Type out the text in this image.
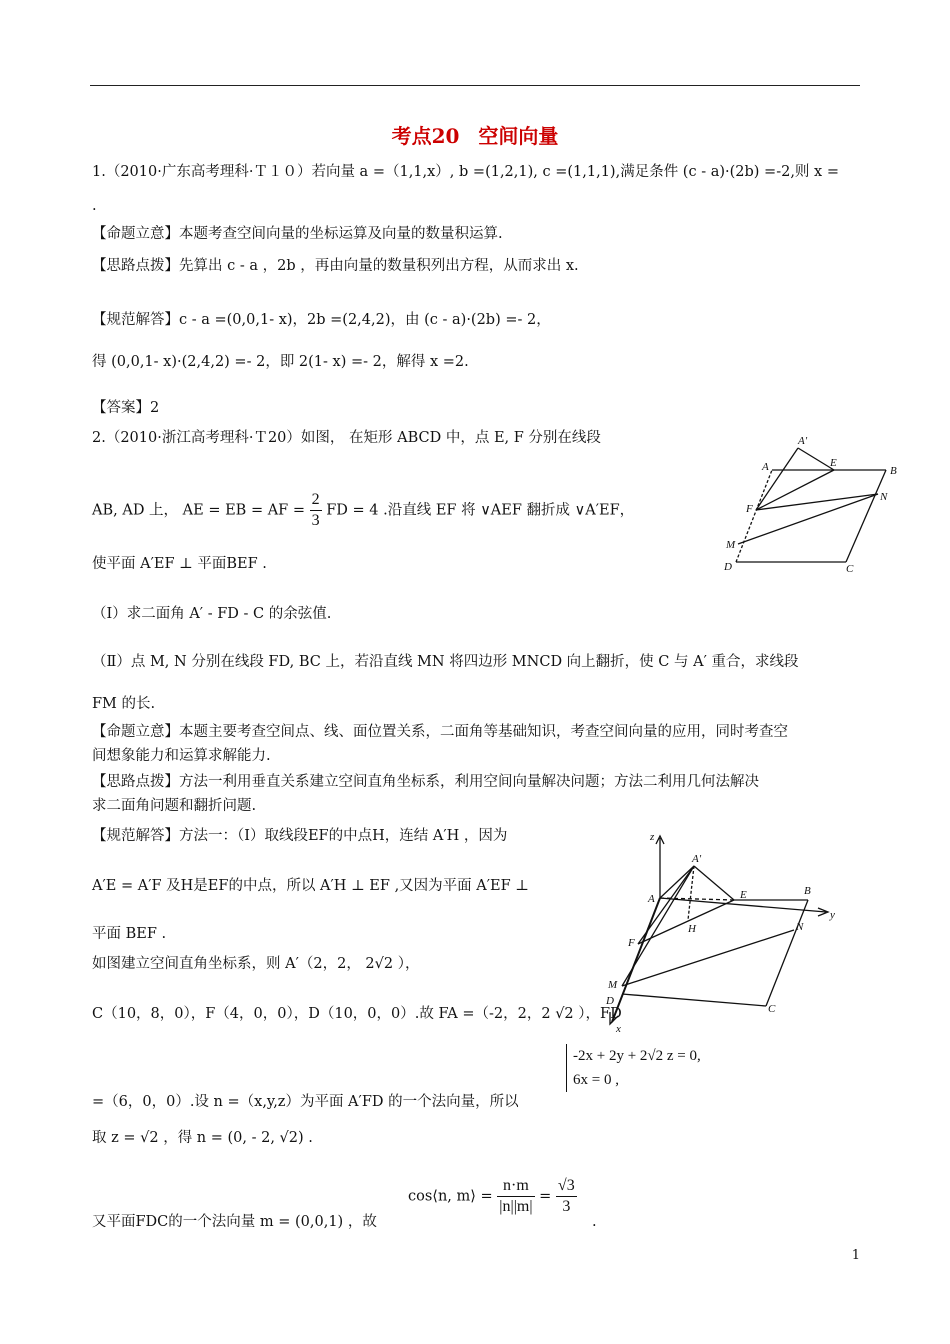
考点20 空间向量
1.（2010·广东高考理科·Ｔ１０）若向量 a =（1,1,x）, b =(1,2,1), c =(1,1,1),满足条件 (c - a)·(2b) =-2,则 x =
.
【命题立意】本题考查空间向量的坐标运算及向量的数量积运算.
【思路点拨】先算出 c - a ，2b ，再由向量的数量积列出方程，从而求出 x.
【规范解答】c - a =(0,0,1- x)，2b =(2,4,2)，由 (c - a)·(2b) =- 2，
得 (0,0,1- x)·(2,4,2) =- 2，即 2(1- x) =- 2，解得 x =2.
【答案】2
2.（2010·浙江高考理科·Ｔ20）如图， 在矩形 ABCD 中，点 E, F 分别在线段
AB, AD 上， AE = EB = AF = $\frac{2}{3}$ FD = 4 .沿直线 EF 将 ∨AEF 翻折成 ∨A′EF，
使平面 A′EF ⊥ 平面BEF .
（Ⅰ）求二面角 A′ - FD - C 的余弦值.
（Ⅱ）点 M, N 分别在线段 FD, BC 上，若沿直线 MN 将四边形 MNCD 向上翻折，使 C 与 A′ 重合，求线段
FM 的长.
【命题立意】本题主要考查空间点、线、面位置关系，二面角等基础知识，考查空间向量的应用，同时考查空
间想象能力和运算求解能力.
【思路点拨】方法一利用垂直关系建立空间直角坐标系，利用空间向量解决问题；方法二利用几何法解决
求二面角问题和翻折问题.
【规范解答】方法一：（Ⅰ）取线段EF的中点H，连结 A′H ，因为
A′E = A′F 及H是EF的中点，所以 A′H ⊥ EF ,又因为平面 A′EF ⊥
平面 BEF .
如图建立空间直角坐标系，则 A′（2，2， 2√2 ），
C（10，8，0），F（4，0，0），D（10，0，0）.故 FA =（-2，2，2 √2 ），FD
-2x + 2y + 2√2 z = 0,
6x = 0 ,
=（6，0，0）.设 n =（x,y,z）为平面 A′FD 的一个法向量，所以
取 z = √2 ，得 n = (0, - 2, √2) .
cos⟨n, m⟩ = $\frac{n\cdot m}{|n||m|} = \frac{√3}{3}$
又平面FDC的一个法向量 m = (0,0,1) ，故	.
A′
A	E
B
F
N
M
D	C
z
A′
A	E	B
y
H
F
N
M
D
C
x
1
